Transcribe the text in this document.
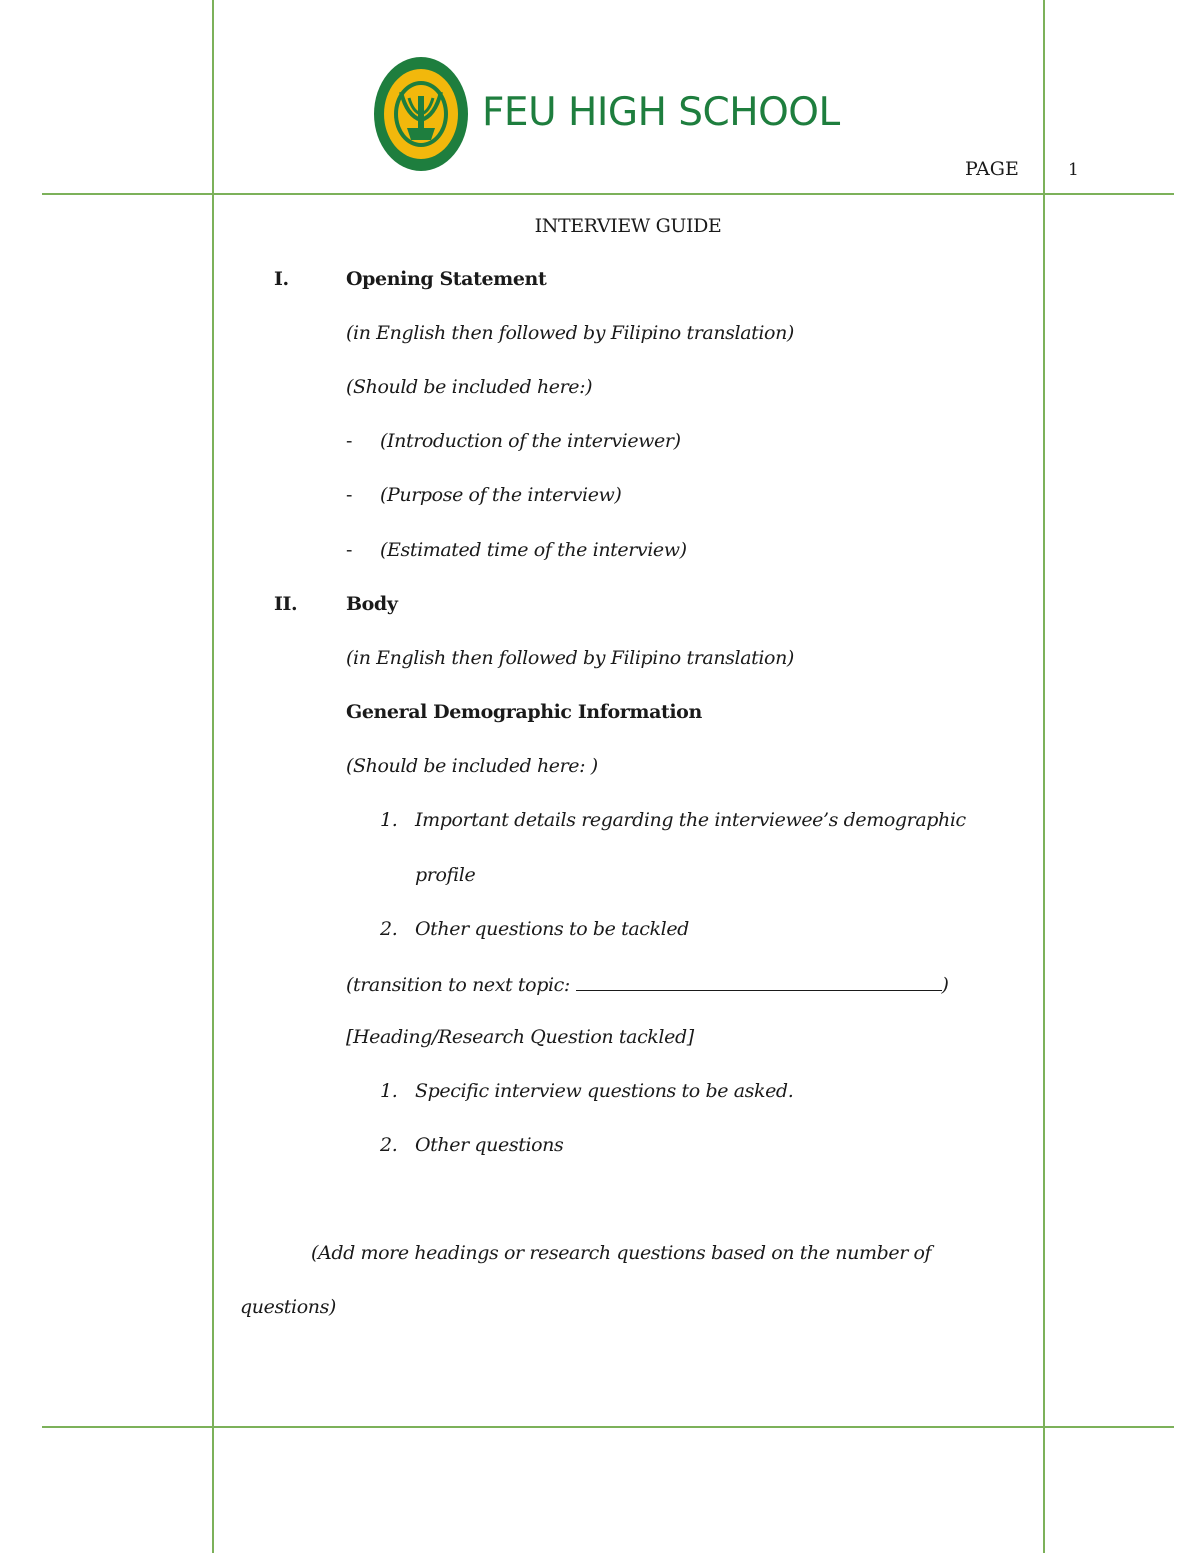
FEU HIGH SCHOOL
PAGE	1
INTERVIEW GUIDE
I.	Opening Statement
(in English then followed by Filipino translation)
(Should be included here:)
- (Introduction of the interviewer)
- (Purpose of the interview)
- (Estimated time of the interview)
II.	Body
(in English then followed by Filipino translation)
General Demographic Information
(Should be included here: )
1. Important details regarding the interviewee’s demographic
profile
2. Other questions to be tackled
(transition to next topic:	)
[Heading/Research Question tackled]
1. Specific interview questions to be asked.
2. Other questions
(Add more headings or research questions based on the number of
questions)
